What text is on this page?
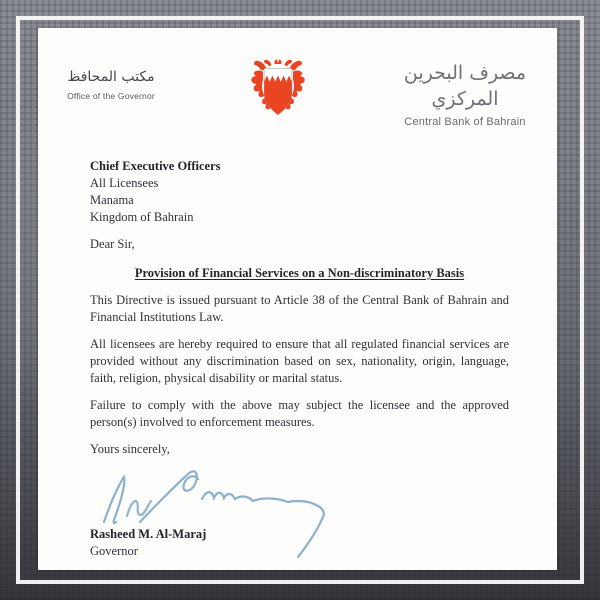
مكتب المحافظ
Office of the Governor
مصرف البحرين المركزي
Central Bank of Bahrain
Chief Executive Officers
All Licensees
Manama
Kingdom of Bahrain
Dear Sir,
Provision of Financial Services on a Non-discriminatory Basis
This Directive is issued pursuant to Article 38 of the Central Bank of Bahrain and Financial Institutions Law.
All licensees are hereby required to ensure that all regulated financial services are provided without any discrimination based on sex, nationality, origin, language, faith, religion, physical disability or marital status.
Failure to comply with the above may subject the licensee and the approved person(s) involved to enforcement measures.
Yours sincerely,
Rasheed M. Al-Maraj
Governor
